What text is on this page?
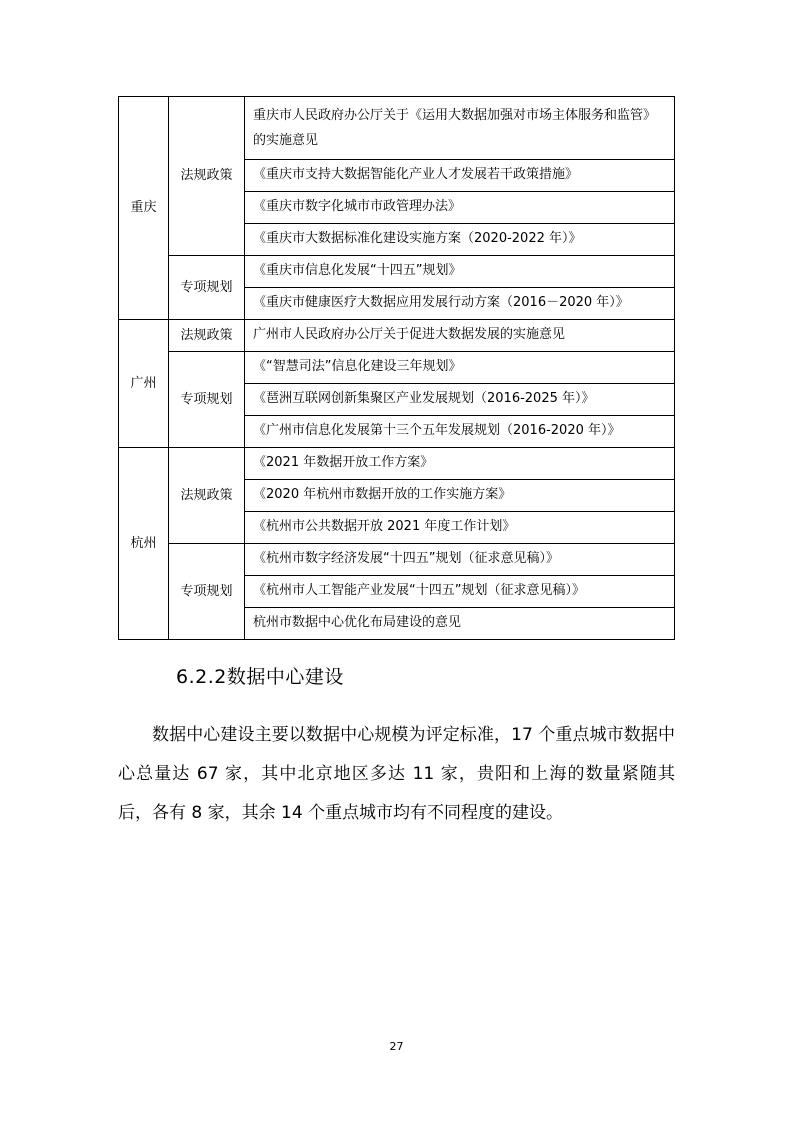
重庆	法规政策	重庆市人民政府办公厅关于《运用大数据加强对市场主体服务和监管》的实施意见
		《重庆市支持大数据智能化产业人才发展若干政策措施》
		《重庆市数字化城市市政管理办法》
		《重庆市大数据标准化建设实施方案（2020-2022 年）》
	专项规划	《重庆市信息化发展“十四五”规划》
		《重庆市健康医疗大数据应用发展行动方案（2016－2020 年）》
广州	法规政策	广州市人民政府办公厅关于促进大数据发展的实施意见
	专项规划	《“智慧司法”信息化建设三年规划》
		《琶洲互联网创新集聚区产业发展规划（2016-2025 年）》
		《广州市信息化发展第十三个五年发展规划（2016-2020 年）》
杭州	法规政策	《2021 年数据开放工作方案》
		《2020 年杭州市数据开放的工作实施方案》
		《杭州市公共数据开放 2021 年度工作计划》
	专项规划	《杭州市数字经济发展“十四五”规划（征求意见稿）》
		《杭州市人工智能产业发展“十四五”规划（征求意见稿）》
		杭州市数据中心优化布局建设的意见
6.2.2数据中心建设

数据中心建设主要以数据中心规模为评定标准，17 个重点城市数据中心总量达 67 家，其中北京地区多达 11 家，贵阳和上海的数量紧随其后，各有 8 家，其余 14 个重点城市均有不同程度的建设。

27
